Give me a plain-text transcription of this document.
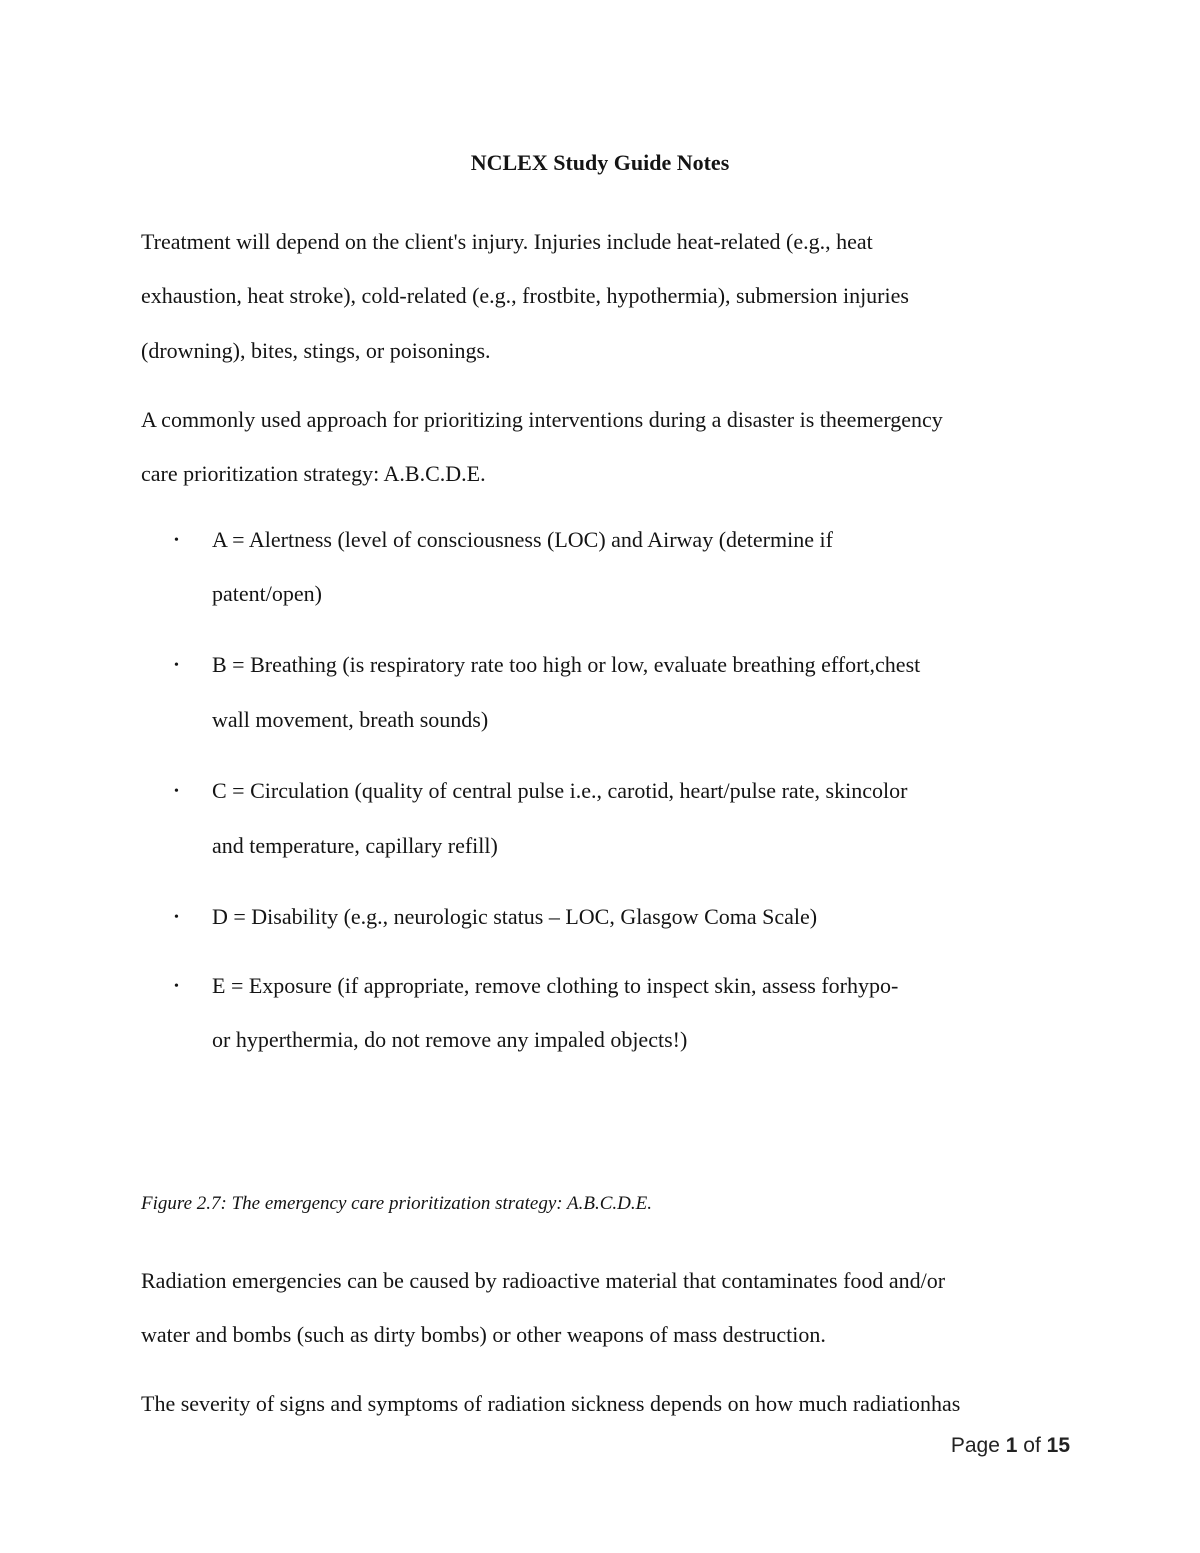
NCLEX Study Guide Notes
Treatment will depend on the client's injury. Injuries include heat-related (e.g., heat
exhaustion, heat stroke), cold-related (e.g., frostbite, hypothermia), submersion injuries
(drowning), bites, stings, or poisonings.
A commonly used approach for prioritizing interventions during a disaster is theemergency
care prioritization strategy: A.B.C.D.E.
• A = Alertness (level of consciousness (LOC) and Airway (determine if
patent/open)
• B = Breathing (is respiratory rate too high or low, evaluate breathing effort,chest
wall movement, breath sounds)
• C = Circulation (quality of central pulse i.e., carotid, heart/pulse rate, skincolor
and temperature, capillary refill)
• D = Disability (e.g., neurologic status – LOC, Glasgow Coma Scale)
• E = Exposure (if appropriate, remove clothing to inspect skin, assess forhypo-
or hyperthermia, do not remove any impaled objects!)
Figure 2.7: The emergency care prioritization strategy: A.B.C.D.E.
Radiation emergencies can be caused by radioactive material that contaminates food and/or
water and bombs (such as dirty bombs) or other weapons of mass destruction.
The severity of signs and symptoms of radiation sickness depends on how much radiationhas
Page 1 of 15
